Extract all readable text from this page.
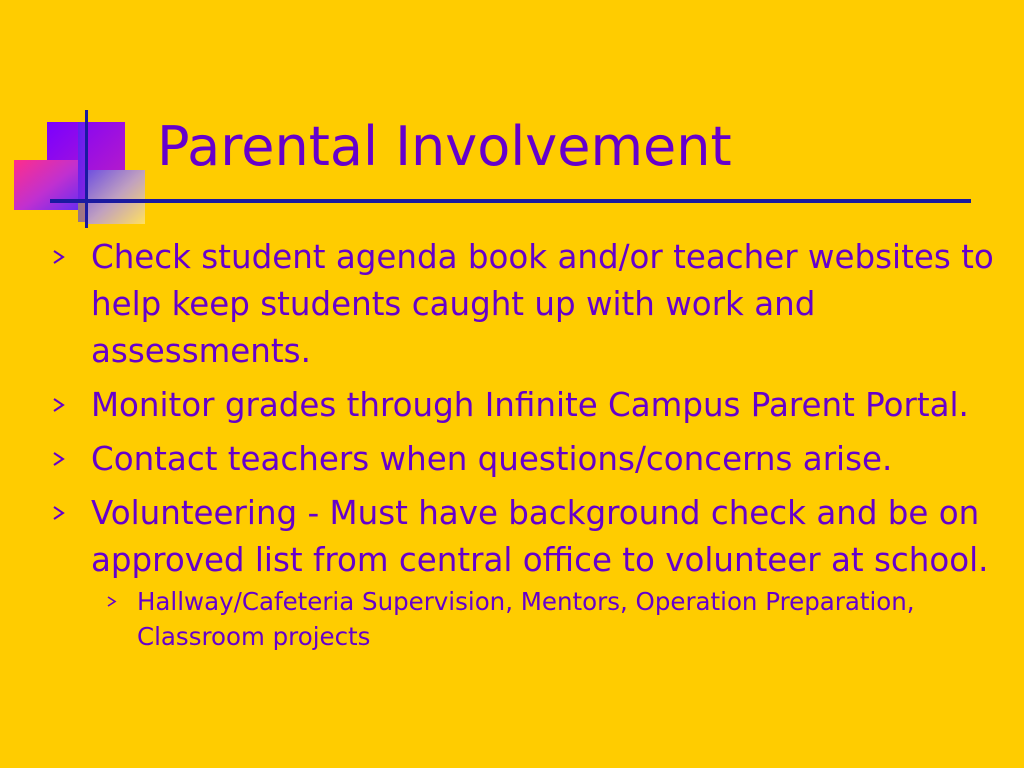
Parental Involvement
Check student agenda book and/or teacher websites to help keep students caught up with work and assessments.
Monitor grades through Infinite Campus Parent Portal.
Contact teachers when questions/concerns arise.
Volunteering - Must have background check and be on approved list from central office to volunteer at school.
Hallway/Cafeteria Supervision, Mentors, Operation Preparation, Classroom projects
